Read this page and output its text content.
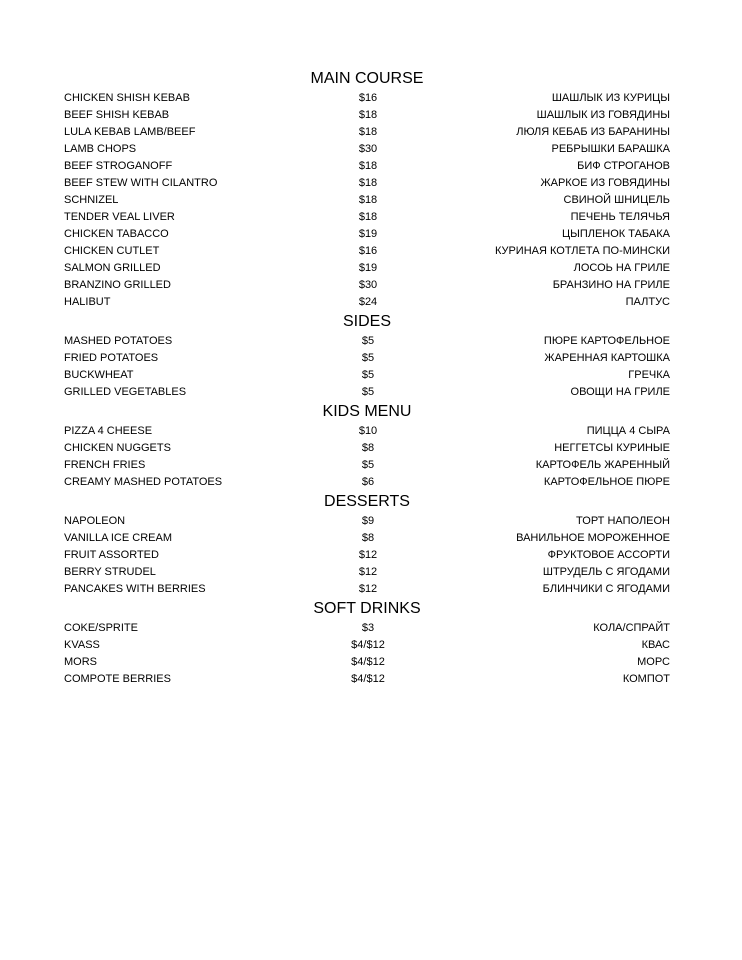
MAIN COURSE
CHICKEN SHISH KEBAB	$16	ШАШЛЫК ИЗ КУРИЦЫ
BEEF SHISH KEBAB	$18	ШАШЛЫК ИЗ ГОВЯДИНЫ
LULA KEBAB LAMB/BEEF	$18	ЛЮЛЯ КЕБАБ ИЗ БАРАНИНЫ
LAMB CHOPS	$30	РЕБРЫШКИ БАРАШКА
BEEF STROGANOFF	$18	БИФ СТРОГАНОВ
BEEF STEW WITH CILANTRO	$18	ЖАРКОЕ ИЗ ГОВЯДИНЫ
SCHNIZEL	$18	СВИНОЙ ШНИЦЕЛЬ
TENDER VEAL LIVER	$18	ПЕЧЕНЬ ТЕЛЯЧЬЯ
CHICKEN TABACCO	$19	ЦЫПЛЕНОК ТАБАКА
CHICKEN CUTLET	$16	КУРИНАЯ КОТЛЕТА ПО-МИНСКИ
SALMON GRILLED	$19	ЛОСОЬ НА ГРИЛЕ
BRANZINO GRILLED	$30	БРАНЗИНО НА ГРИЛЕ
HALIBUT	$24	ПАЛТУС
SIDES
MASHED POTATOES	$5	ПЮРЕ КАРТОФЕЛЬНОЕ
FRIED POTATOES	$5	ЖАРЕННАЯ КАРТОШКА
BUCKWHEAT	$5	ГРЕЧКА
GRILLED VEGETABLES	$5	ОВОЩИ НА ГРИЛЕ
KIDS MENU
PIZZA 4 CHEESE	$10	ПИЦЦА 4 СЫРА
CHICKEN NUGGETS	$8	НЕГГЕТСЫ КУРИНЫЕ
FRENCH FRIES	$5	КАРТОФЕЛЬ ЖАРЕННЫЙ
CREAMY MASHED POTATOES	$6	КАРТОФЕЛЬНОЕ ПЮРЕ
DESSERTS
NAPOLEON	$9	ТОРТ НАПОЛЕОН
VANILLA ICE CREAM	$8	ВАНИЛЬНОЕ МОРОЖЕННОЕ
FRUIT ASSORTED	$12	ФРУКТОВОЕ АССОРТИ
BERRY STRUDEL	$12	ШТРУДЕЛЬ С ЯГОДАМИ
PANCAKES WITH BERRIES	$12	БЛИНЧИКИ С ЯГОДАМИ
SOFT DRINKS
COKE/SPRITE	$3	КОЛА/СПРАЙТ
KVASS	$4/$12	КВАС
MORS	$4/$12	МОРС
COMPOTE BERRIES	$4/$12	КОМПОТ
